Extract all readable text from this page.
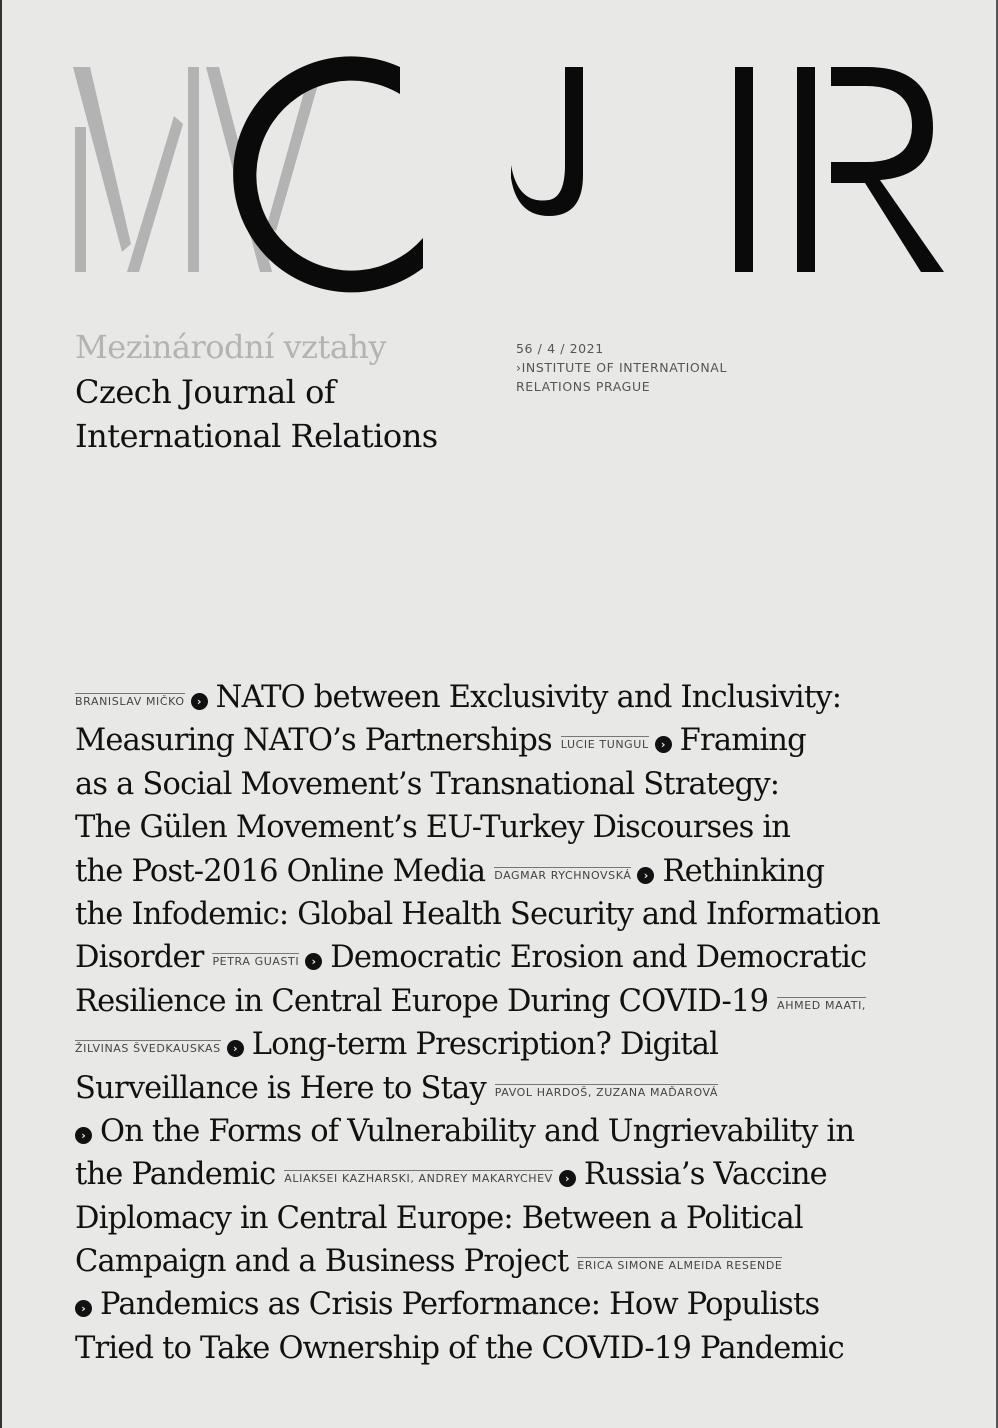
Mezinárodní vztahy
Czech Journal of
International Relations
56 / 4 / 2021
›INSTITUTE OF INTERNATIONAL
RELATIONS PRAGUE
BRANISLAV MIČKO › NATO between Exclusivity and Inclusivity:
Measuring NATO’s Partnerships LUCIE TUNGUL › Framing
as a Social Movement’s Transnational Strategy:
The Gülen Movement’s EU-Turkey Discourses in
the Post-2016 Online Media DAGMAR RYCHNOVSKÁ › Rethinking
the Infodemic: Global Health Security and Information
Disorder PETRA GUASTI › Democratic Erosion and Democratic
Resilience in Central Europe During COVID-19 AHMED MAATI,
ŽILVINAS ŠVEDKAUSKAS › Long-term Prescription? Digital
Surveillance is Here to Stay PAVOL HARDOŠ, ZUZANA MAĎAROVÁ
› On the Forms of Vulnerability and Ungrievability in
the Pandemic ALIAKSEI KAZHARSKI, ANDREY MAKARYCHEV › Russia’s Vaccine
Diplomacy in Central Europe: Between a Political
Campaign and a Business Project ERICA SIMONE ALMEIDA RESENDE
› Pandemics as Crisis Performance: How Populists
Tried to Take Ownership of the COVID-19 Pandemic
